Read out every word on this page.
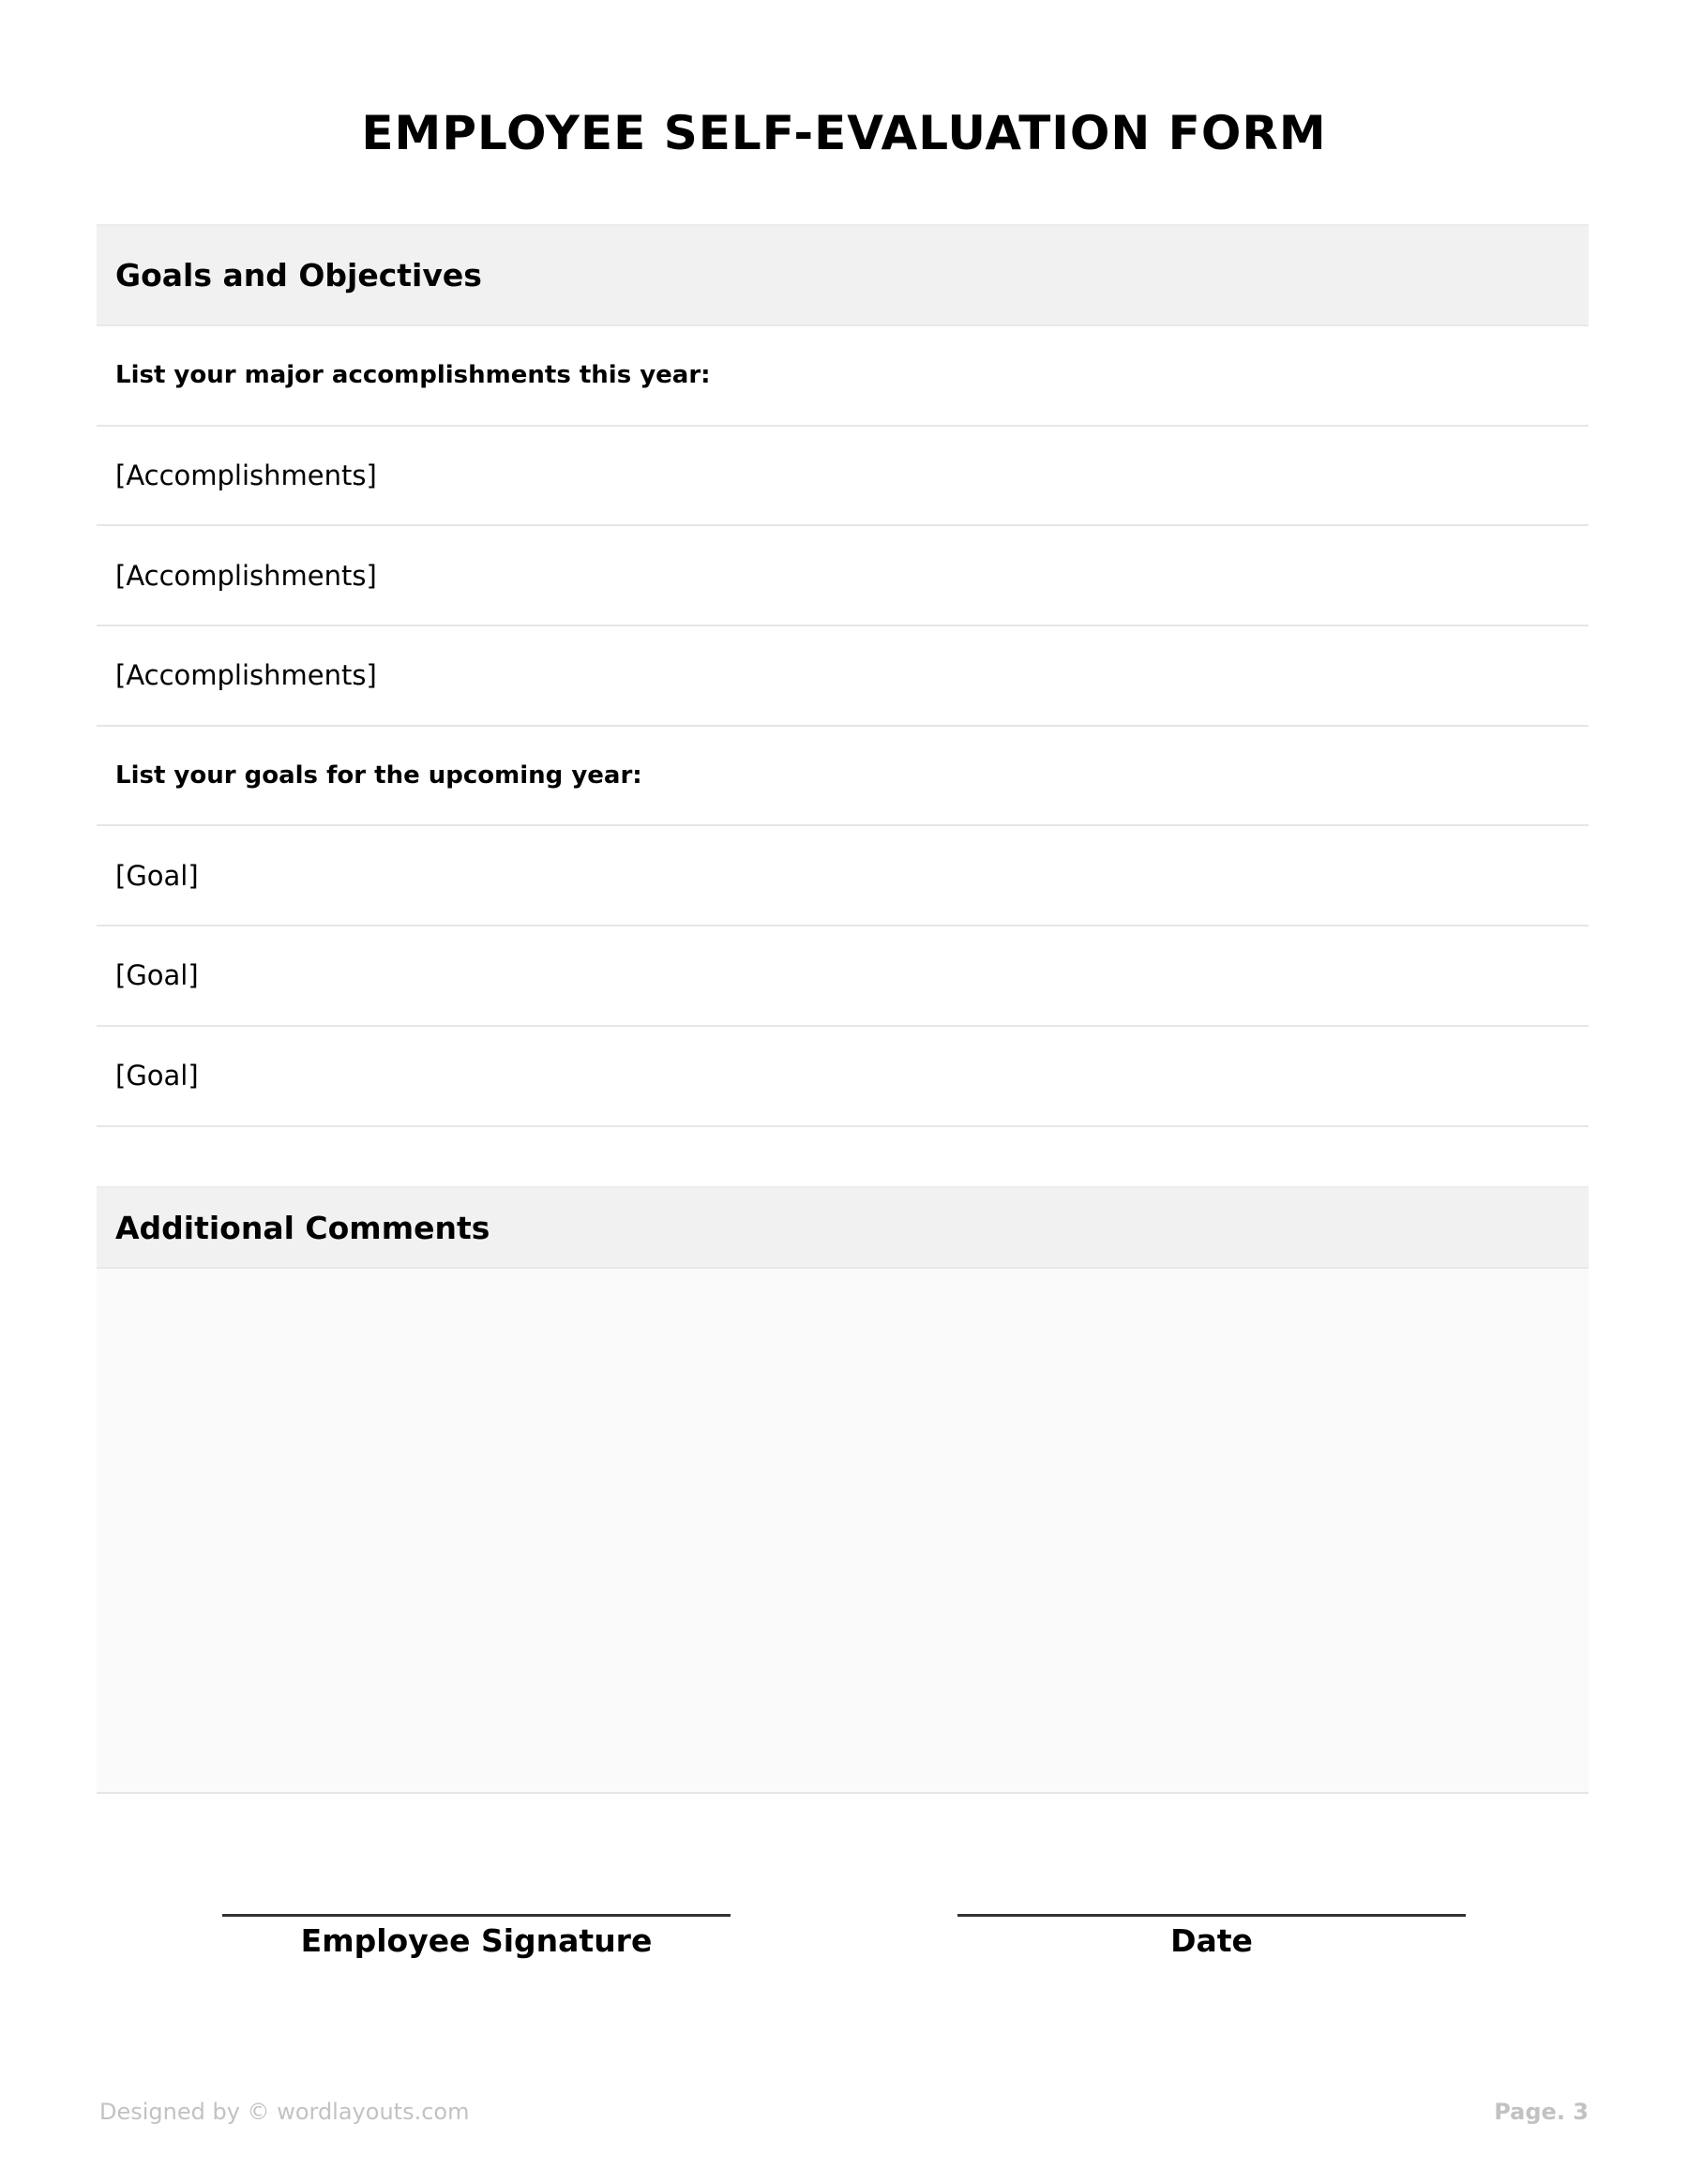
EMPLOYEE SELF-EVALUATION FORM
Goals and Objectives
List your major accomplishments this year:
[Accomplishments]
[Accomplishments]
[Accomplishments]
List your goals for the upcoming year:
[Goal]
[Goal]
[Goal]
Additional Comments
Employee Signature	Date
Designed by © wordlayouts.com	Page. 3
